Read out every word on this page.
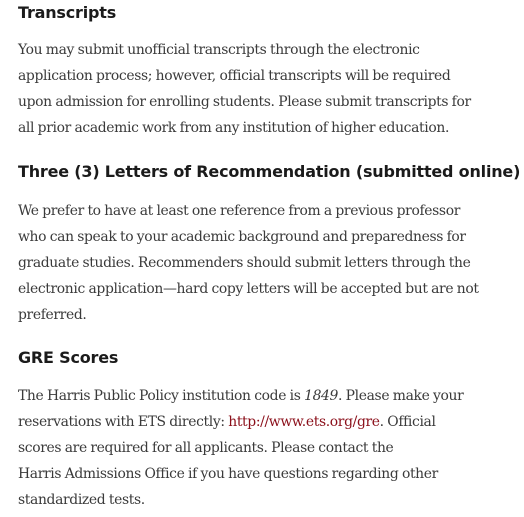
Transcripts

You may submit unofficial transcripts through the electronic
application process; however, official transcripts will be required
upon admission for enrolling students. Please submit transcripts for
all prior academic work from any institution of higher education.

Three (3) Letters of Recommendation (submitted online)

We prefer to have at least one reference from a previous professor
who can speak to your academic background and preparedness for
graduate studies. Recommenders should submit letters through the
electronic application—hard copy letters will be accepted but are not
preferred.

GRE Scores

The Harris Public Policy institution code is 1849. Please make your
reservations with ETS directly: http://www.ets.org/gre. Official
scores are required for all applicants. Please contact the
Harris Admissions Office if you have questions regarding other
standardized tests.
